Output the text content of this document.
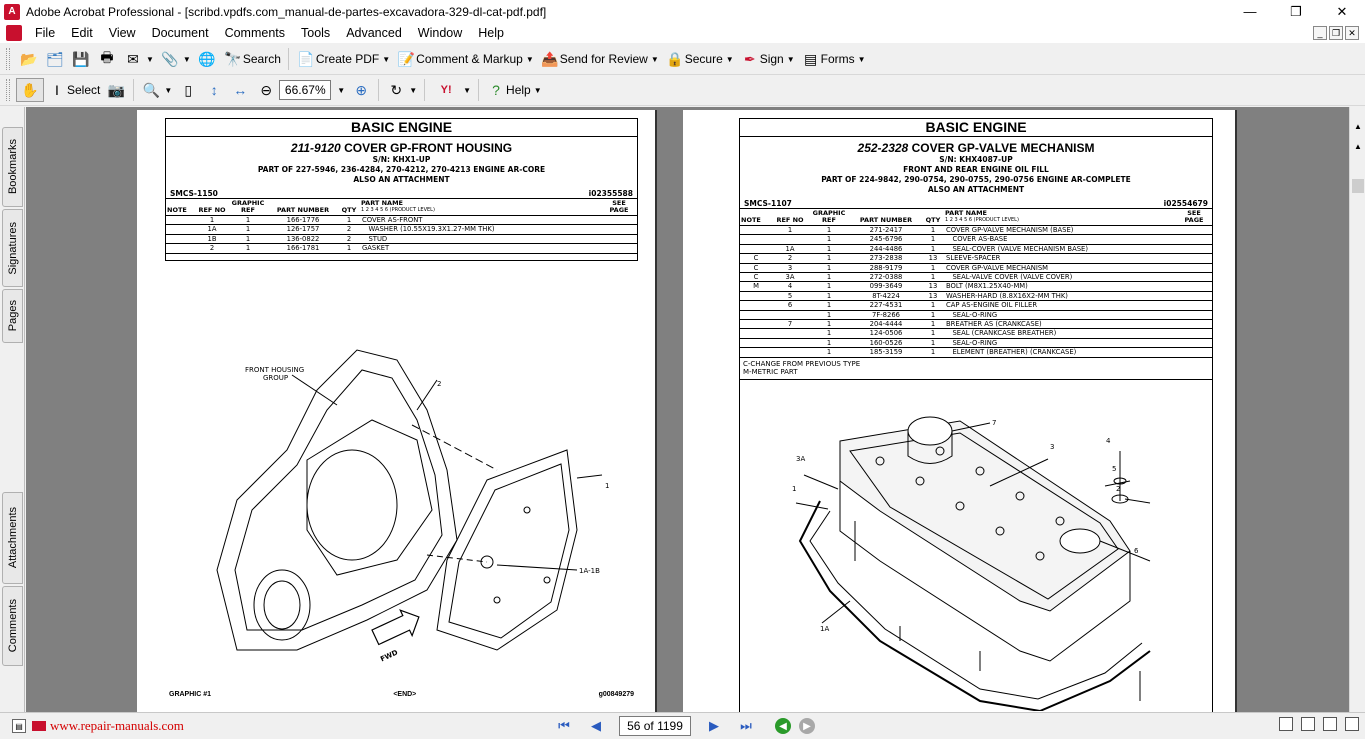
A Adobe Acrobat Professional - [scribd.vpdfs.com_manual-de-partes-excavadora-329-dl-cat-pdf.pdf]	—	❐	✕
File	Edit	View	Document	Comments	Tools	Advanced	Window	Help	_	❐ ✕
📂 🗂 💾 🖶 ✉ ▼ 📎 ▼ 🌐 🔭 Search 📄 Create PDF ▼ 📝 Comment & Markup ▼ 📤 Send for Review ▼ 🔒 Secure ▼ ✒ Sign ▼ ▤ Forms ▼
✋	I Select 📷 🔍 ▼ ▯	↕	↔ ⊖	66.67%	▼ ⊕ ↻ ▼	Y!	▼	? Help ▼
Bookmarks
Signatures
Pages
Attachments
Comments
BASIC ENGINE
211-9120 COVER GP-FRONT HOUSING
S/N: KHX1-UP
PART OF 227-5946, 236-4284, 270-4212, 270-4213 ENGINE AR-CORE
ALSO AN ATTACHMENT
SMCS-1150	i02355588
NOTE	REF NO	GRAPHIC REF	PART NUMBER	QTY	PART NAME
1 2 3 4 5 6 (PRODUCT LEVEL)	SEE PAGE
	1	1	166-1776	1	COVER AS-FRONT	
	1A	1	126-1757	2	WASHER (10.55X19.3X1.27-MM THK)	
	1B	1	136-0822	2	STUD	
	2	1	166-1781	1	GASKET	
FRONT HOUSING
GROUP
2
1
1A-1B
FWD
GRAPHIC #1	<END>	g00849279
BASIC ENGINE
252-2328 COVER GP-VALVE MECHANISM
S/N: KHX4087-UP
FRONT AND REAR ENGINE OIL FILL
PART OF 224-9842, 290-0754, 290-0755, 290-0756 ENGINE AR-COMPLETE
ALSO AN ATTACHMENT
SMCS-1107	i02554679
NOTE	REF NO	GRAPHIC REF	PART NUMBER	QTY	PART NAME
1 2 3 4 5 6 (PRODUCT LEVEL)	SEE PAGE
	1	1	271-2417	1	COVER GP-VALVE MECHANISM (BASE)	
		1	245-6796	1	COVER AS-BASE	
	1A	1	244-4486	1	SEAL-COVER (VALVE MECHANISM BASE)	
C	2	1	273-2838	13	SLEEVE-SPACER	
C	3	1	288-9179	1	COVER GP-VALVE MECHANISM	
C	3A	1	272-0388	1	SEAL-VALVE COVER (VALVE COVER)	
M	4	1	099-3649	13	BOLT (M8X1.25X40-MM)	
	5	1	8T-4224	13	WASHER-HARD (8.8X16X2-MM THK)	
	6	1	227-4531	1	CAP AS-ENGINE OIL FILLER	
		1	7F-8266	1	SEAL-O-RING	
	7	1	204-4444	1	BREATHER AS (CRANKCASE)	
		1	124-0506	1	SEAL (CRANKCASE BREATHER)	
		1	160-0526	1	SEAL-O-RING	
		1	185-3159	1	ELEMENT (BREATHER) (CRANKCASE)	
C-CHANGE FROM PREVIOUS TYPE
M-METRIC PART
7
3
3A
4
5
1	2
6
1A
▲
▲
▤ www.repair-manuals.com	⏮	◀	56 of 1199	▶	⏭	◀	▶
